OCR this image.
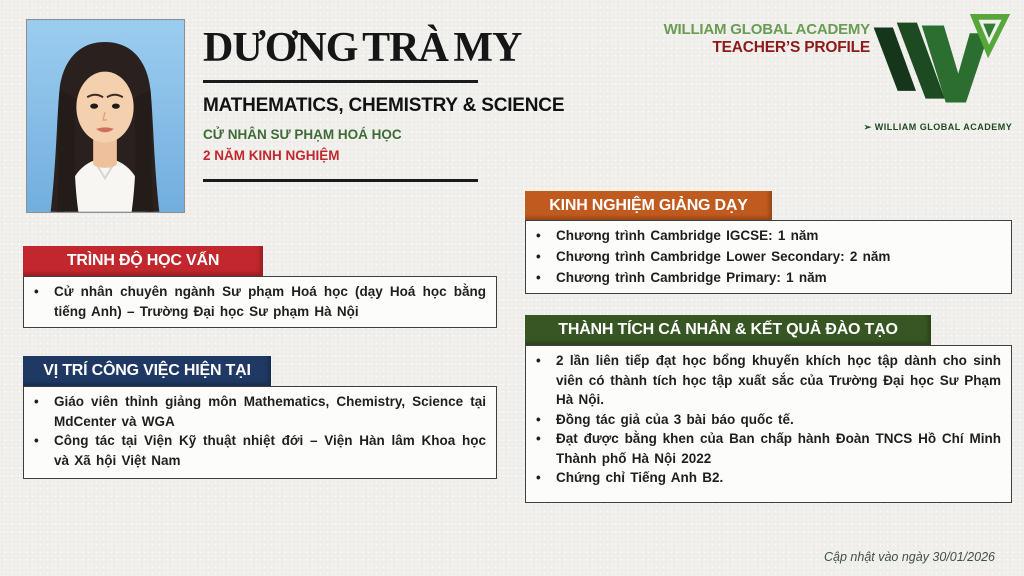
DƯƠNG TRÀ MY
MATHEMATICS, CHEMISTRY & SCIENCE
CỬ NHÂN SƯ PHẠM HOÁ HỌC
2 NĂM KINH NGHIỆM
WILLIAM GLOBAL ACADEMY
TEACHER’S PROFILE
➢ WILLIAM GLOBAL ACADEMY
TRÌNH ĐỘ HỌC VẤN
• Cử nhân chuyên ngành Sư phạm Hoá học (dạy Hoá học bằng tiếng Anh) – Trường Đại học Sư phạm Hà Nội
VỊ TRÍ CÔNG VIỆC HIỆN TẠI
• Giáo viên thỉnh giảng môn Mathematics, Chemistry, Science tại MdCenter và WGA
• Công tác tại Viện Kỹ thuật nhiệt đới – Viện Hàn lâm Khoa học và Xã hội Việt Nam
KINH NGHIỆM GIẢNG DẠY
• Chương trình Cambridge IGCSE: 1 năm
• Chương trình Cambridge Lower Secondary: 2 năm
• Chương trình Cambridge Primary: 1 năm
THÀNH TÍCH CÁ NHÂN & KẾT QUẢ ĐÀO TẠO
• 2 lần liên tiếp đạt học bổng khuyến khích học tập dành cho sinh viên có thành tích học tập xuất sắc của Trường Đại học Sư Phạm Hà Nội.
• Đồng tác giả của 3 bài báo quốc tế.
• Đạt được bằng khen của Ban chấp hành Đoàn TNCS Hồ Chí Minh Thành phố Hà Nội 2022
• Chứng chỉ Tiếng Anh B2.
Cập nhật vào ngày 30/01/2026
